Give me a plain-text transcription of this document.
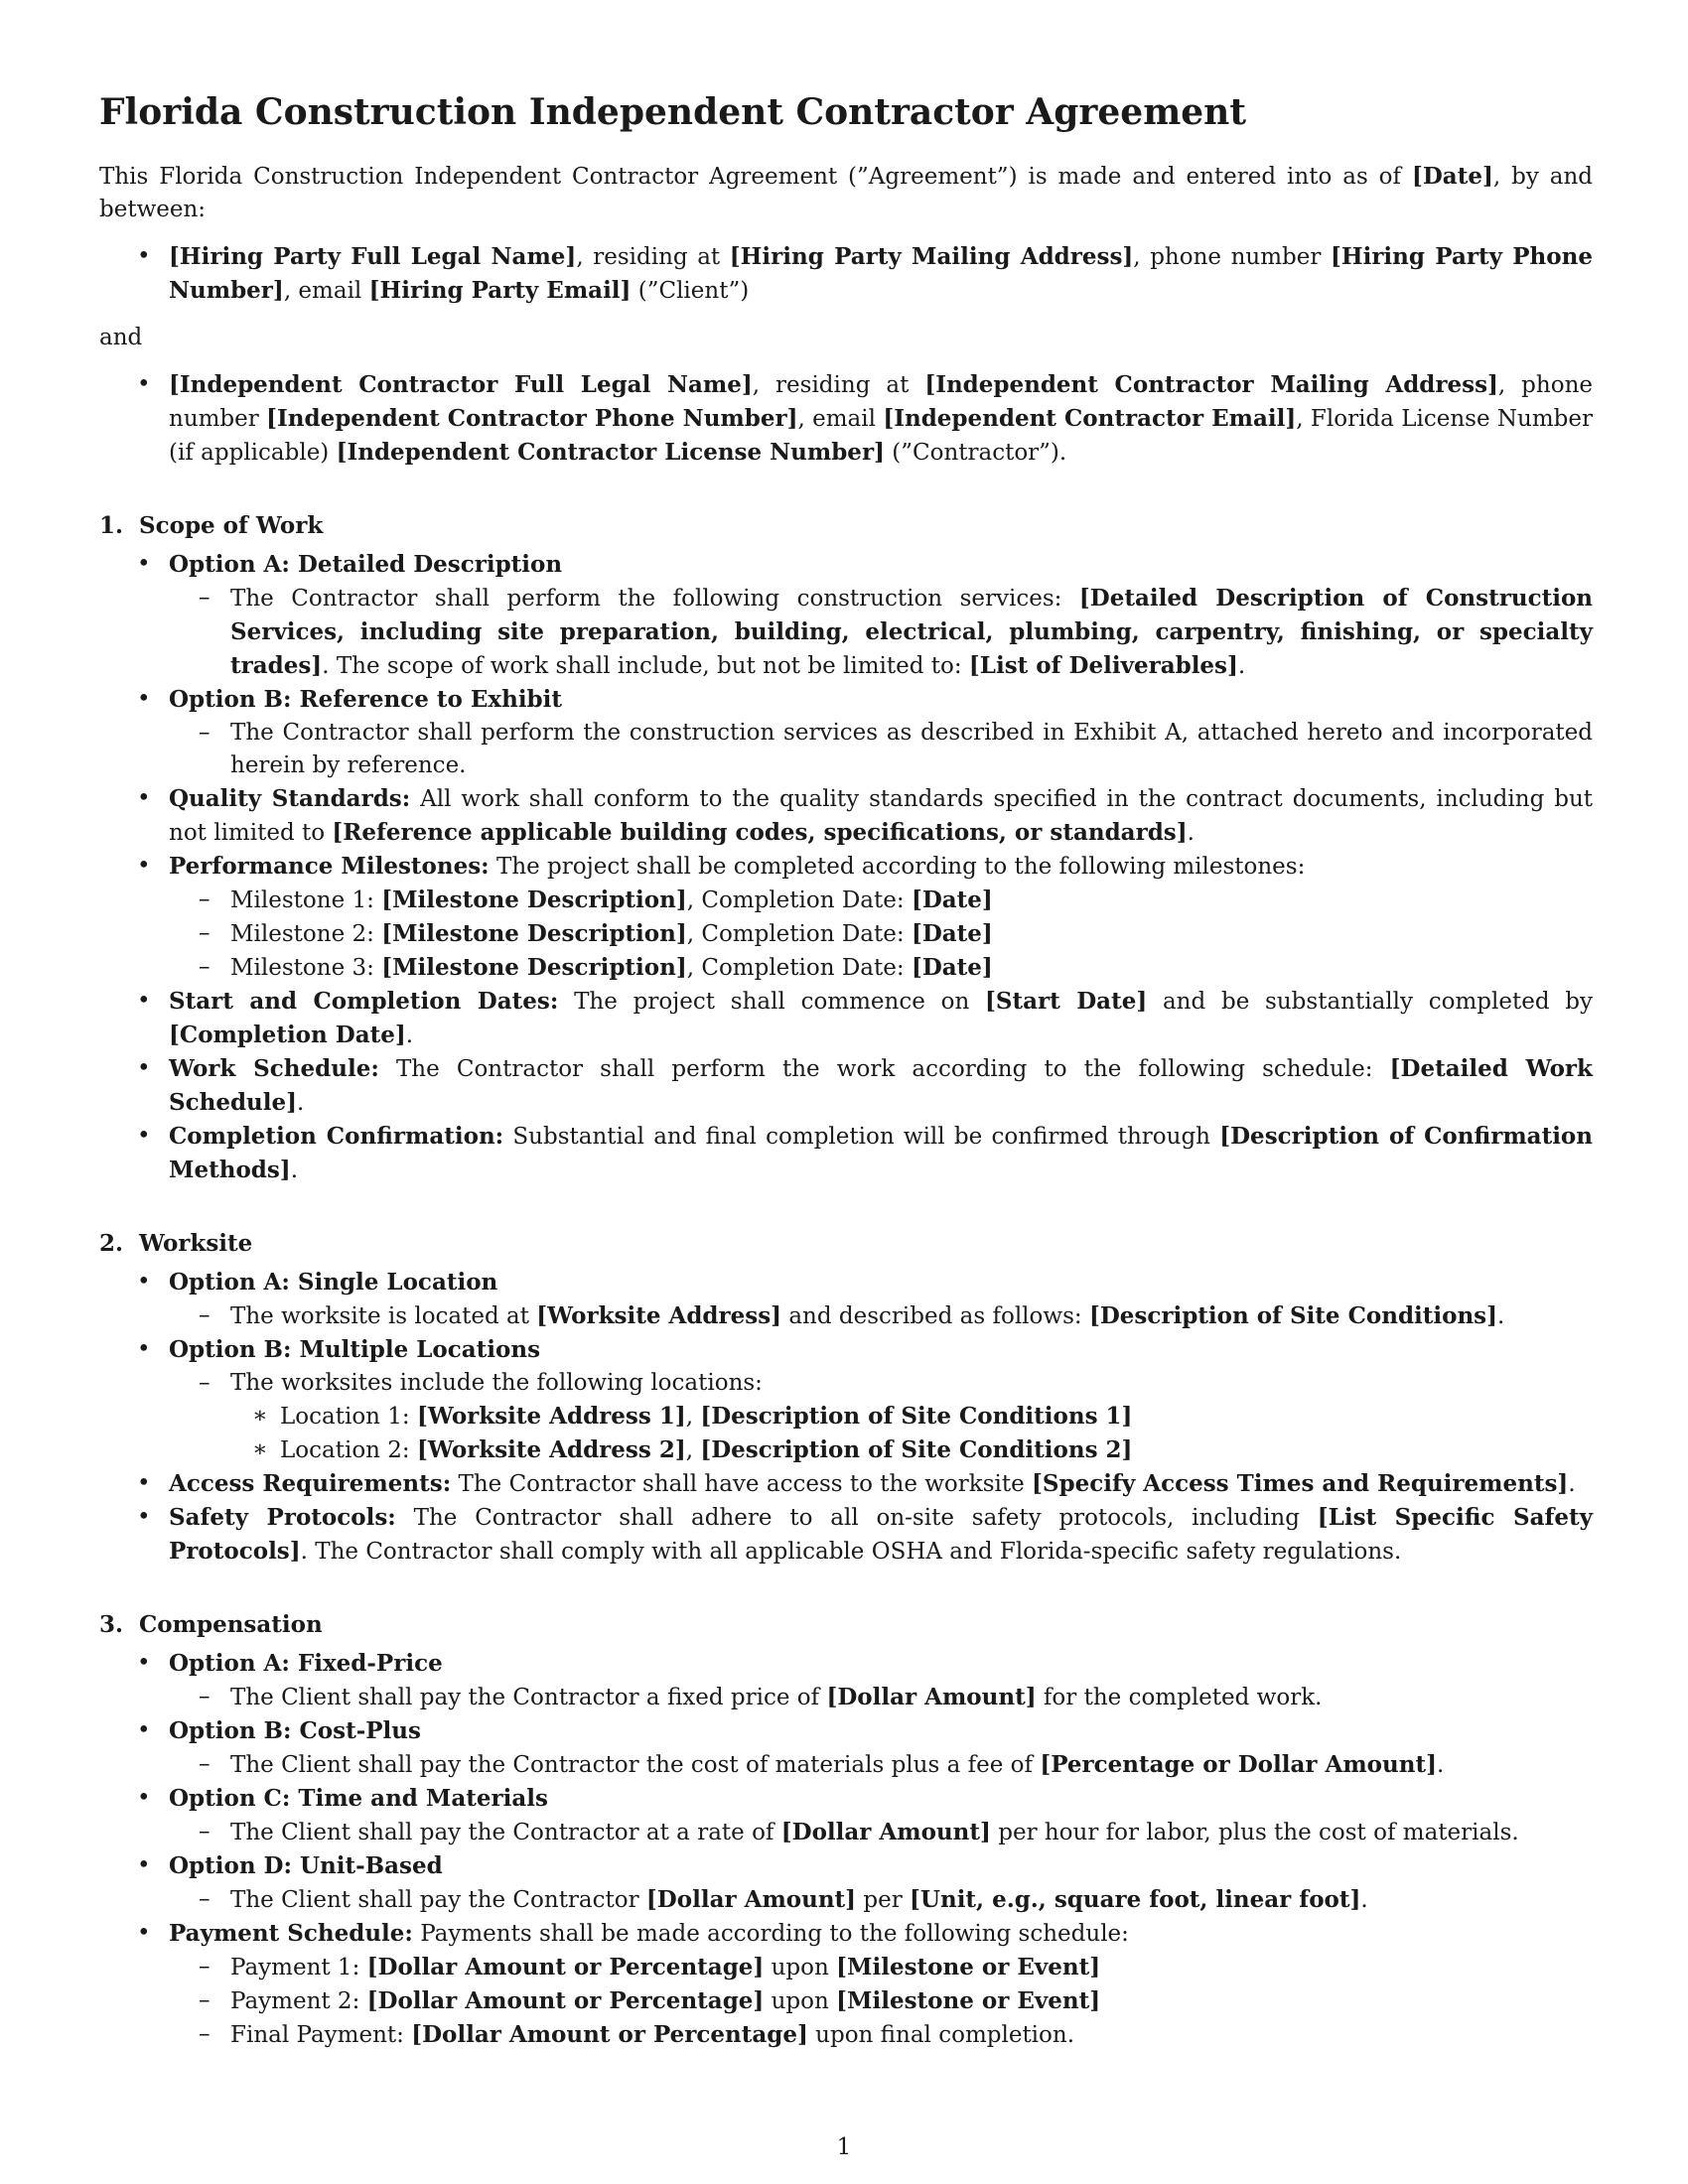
Florida Construction Independent Contractor Agreement

This Florida Construction Independent Contractor Agreement (”Agreement”) is made and entered into as of [Date], by and between:

• [Hiring Party Full Legal Name], residing at [Hiring Party Mailing Address], phone number [Hiring Party Phone Number], email [Hiring Party Email] (”Client”)

and

• [Independent Contractor Full Legal Name], residing at [Independent Contractor Mailing Address], phone number [Independent Contractor Phone Number], email [Independent Contractor Email], Florida License Number (if applicable) [Independent Contractor License Number] (”Contractor”).
1. Scope of Work
• Option A: Detailed Description
– The Contractor shall perform the following construction services: [Detailed Description of Construction Services, including site preparation, building, electrical, plumbing, carpentry, finishing, or specialty trades]. The scope of work shall include, but not be limited to: [List of Deliverables].
• Option B: Reference to Exhibit
– The Contractor shall perform the construction services as described in Exhibit A, attached hereto and incorporated herein by reference.
• Quality Standards: All work shall conform to the quality standards specified in the contract documents, including but not limited to [Reference applicable building codes, specifications, or standards].
• Performance Milestones: The project shall be completed according to the following milestones:
– Milestone 1: [Milestone Description], Completion Date: [Date]
– Milestone 2: [Milestone Description], Completion Date: [Date]
– Milestone 3: [Milestone Description], Completion Date: [Date]
• Start and Completion Dates: The project shall commence on [Start Date] and be substantially completed by [Completion Date].
• Work Schedule: The Contractor shall perform the work according to the following schedule: [Detailed Work Schedule].
• Completion Confirmation: Substantial and final completion will be confirmed through [Description of Confirmation Methods].
2. Worksite
• Option A: Single Location
– The worksite is located at [Worksite Address] and described as follows: [Description of Site Conditions].
• Option B: Multiple Locations
– The worksites include the following locations:
∗ Location 1: [Worksite Address 1], [Description of Site Conditions 1]
∗ Location 2: [Worksite Address 2], [Description of Site Conditions 2]
• Access Requirements: The Contractor shall have access to the worksite [Specify Access Times and Requirements].
• Safety Protocols: The Contractor shall adhere to all on-site safety protocols, including [List Specific Safety Protocols]. The Contractor shall comply with all applicable OSHA and Florida-specific safety regulations.
3. Compensation
• Option A: Fixed-Price
– The Client shall pay the Contractor a fixed price of [Dollar Amount] for the completed work.
• Option B: Cost-Plus
– The Client shall pay the Contractor the cost of materials plus a fee of [Percentage or Dollar Amount].
• Option C: Time and Materials
– The Client shall pay the Contractor at a rate of [Dollar Amount] per hour for labor, plus the cost of materials.
• Option D: Unit-Based
– The Client shall pay the Contractor [Dollar Amount] per [Unit, e.g., square foot, linear foot].
• Payment Schedule: Payments shall be made according to the following schedule:
– Payment 1: [Dollar Amount or Percentage] upon [Milestone or Event]
– Payment 2: [Dollar Amount or Percentage] upon [Milestone or Event]
– Final Payment: [Dollar Amount or Percentage] upon final completion.
1
